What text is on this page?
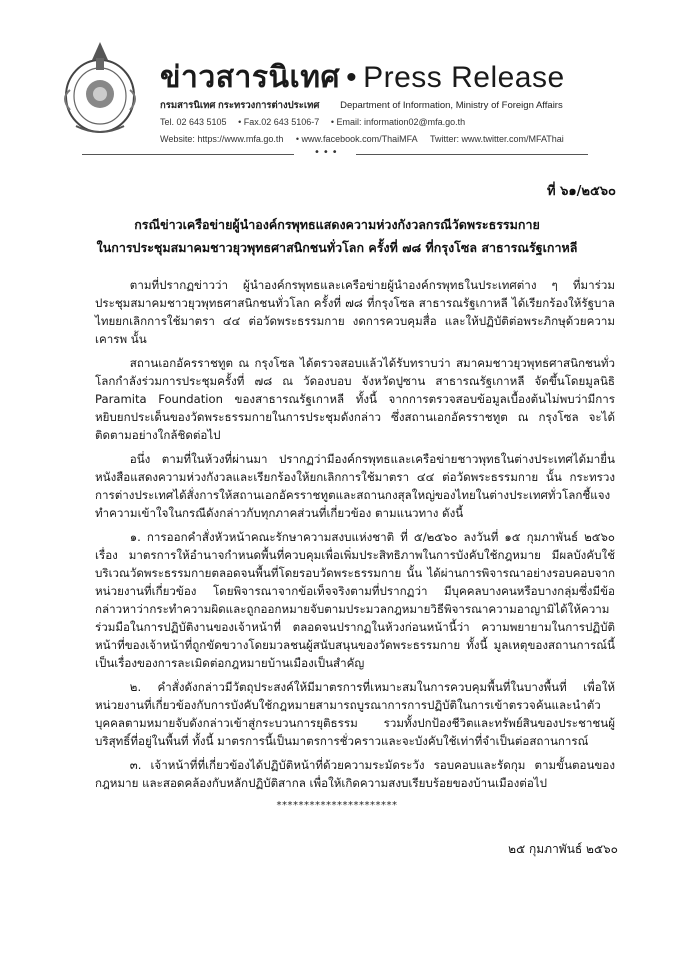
ข่าวสารนิเทศ • Press Release
กรมสารนิเทศ กระทรวงการต่างประเทศ Department of Information, Ministry of Foreign Affairs
Tel. 02 643 5105 • Fax.02 643 5106-7 • Email: information02@mfa.go.th
Website: https://www.mfa.go.th • www.facebook.com/ThaiMFA Twitter: www.twitter.com/MFAThai
•••
ที่ ๖๑/๒๕๖๐
กรณีข่าวเครือข่ายผู้นำองค์กรพุทธแสดงความห่วงกังวลกรณีวัดพระธรรมกาย
ในการประชุมสมาคมชาวยุวพุทธศาสนิกชนทั่วโลก ครั้งที่ ๗๘ ที่กรุงโซล สาธารณรัฐเกาหลี

ตามที่ปรากฏข่าวว่า ผู้นำองค์กรพุทธและเครือข่ายผู้นำองค์กรพุทธในประเทศต่าง ๆ ที่มาร่วมประชุมสมาคมชาวยุวพุทธศาสนิกชนทั่วโลก ครั้งที่ ๗๘ ที่กรุงโซล สาธารณรัฐเกาหลี ได้เรียกร้องให้รัฐบาลไทยยกเลิกการใช้มาตรา ๔๔ ต่อวัดพระธรรมกาย งดการควบคุมสื่อ และให้ปฏิบัติต่อพระภิกษุด้วยความเคารพ นั้น

สถานเอกอัครราชทูต ณ กรุงโซล ได้ตรวจสอบแล้วได้รับทราบว่า สมาคมชาวยุวพุทธศาสนิกชนทั่วโลกกำลังร่วมการประชุมครั้งที่ ๗๘ ณ วัดองบอบ จังหวัดปูซาน สาธารณรัฐเกาหลี จัดขึ้นโดยมูลนิธิ Paramita Foundation ของสาธารณรัฐเกาหลี ทั้งนี้ จากการตรวจสอบข้อมูลเบื้องต้นไม่พบว่ามีการหยิบยกประเด็นของวัดพระธรรมกายในการประชุมดังกล่าว ซึ่งสถานเอกอัครราชทูต ณ กรุงโซล จะได้ติดตามอย่างใกล้ชิดต่อไป

อนึ่ง ตามที่ในห้วงที่ผ่านมา ปรากฏว่ามีองค์กรพุทธและเครือข่ายชาวพุทธในต่างประเทศได้มายื่นหนังสือแสดงความห่วงกังวลและเรียกร้องให้ยกเลิกการใช้มาตรา ๔๔ ต่อวัดพระธรรมกาย นั้น กระทรวงการต่างประเทศได้สั่งการให้สถานเอกอัครราชทูตและสถานกงสุลใหญ่ของไทยในต่างประเทศทั่วโลกชี้แจงทำความเข้าใจในกรณีดังกล่าวกับทุกภาคส่วนที่เกี่ยวข้อง ตามแนวทาง ดังนี้

๑. การออกคำสั่งหัวหน้าคณะรักษาความสงบแห่งชาติ ที่ ๕/๒๕๖๐ ลงวันที่ ๑๕ กุมภาพันธ์ ๒๕๖๐ เรื่อง มาตรการให้อำนาจกำหนดพื้นที่ควบคุมเพื่อเพิ่มประสิทธิภาพในการบังคับใช้กฎหมาย มีผลบังคับใช้บริเวณวัดพระธรรมกายตลอดจนพื้นที่โดยรอบวัดพระธรรมกาย นั้น ได้ผ่านการพิจารณาอย่างรอบคอบจากหน่วยงานที่เกี่ยวข้อง โดยพิจารณาจากข้อเท็จจริงตามที่ปรากฏว่า มีบุคคลบางคนหรือบางกลุ่มซึ่งมีข้อกล่าวหาว่ากระทำความผิดและถูกออกหมายจับตามประมวลกฎหมายวิธีพิจารณาความอาญามิได้ให้ความร่วมมือในการปฏิบัติงานของเจ้าหน้าที่ ตลอดจนปรากฏในห้วงก่อนหน้านี้ว่า ความพยายามในการปฏิบัติหน้าที่ของเจ้าหน้าที่ถูกขัดขวางโดยมวลชนผู้สนับสนุนของวัดพระธรรมกาย ทั้งนี้ มูลเหตุของสถานการณ์นี้เป็นเรื่องของการละเมิดต่อกฎหมายบ้านเมืองเป็นสำคัญ

๒. คำสั่งดังกล่าวมีวัตถุประสงค์ให้มีมาตรการที่เหมาะสมในการควบคุมพื้นที่ในบางพื้นที่ เพื่อให้หน่วยงานที่เกี่ยวข้องกับการบังคับใช้กฎหมายสามารถบูรณาการการปฏิบัติในการเข้าตรวจค้นและนำตัวบุคคลตามหมายจับดังกล่าวเข้าสู่กระบวนการยุติธรรม รวมทั้งปกป้องชีวิตและทรัพย์สินของประชาชนผู้บริสุทธิ์ที่อยู่ในพื้นที่ ทั้งนี้ มาตรการนี้เป็นมาตรการชั่วคราวและจะบังคับใช้เท่าที่จำเป็นต่อสถานการณ์

๓. เจ้าหน้าที่ที่เกี่ยวข้องได้ปฏิบัติหน้าที่ด้วยความระมัดระวัง รอบคอบและรัดกุม ตามขั้นตอนของกฎหมาย และสอดคล้องกับหลักปฏิบัติสากล เพื่อให้เกิดความสงบเรียบร้อยของบ้านเมืองต่อไป

**********************
๒๕ กุมภาพันธ์ ๒๕๖๐
